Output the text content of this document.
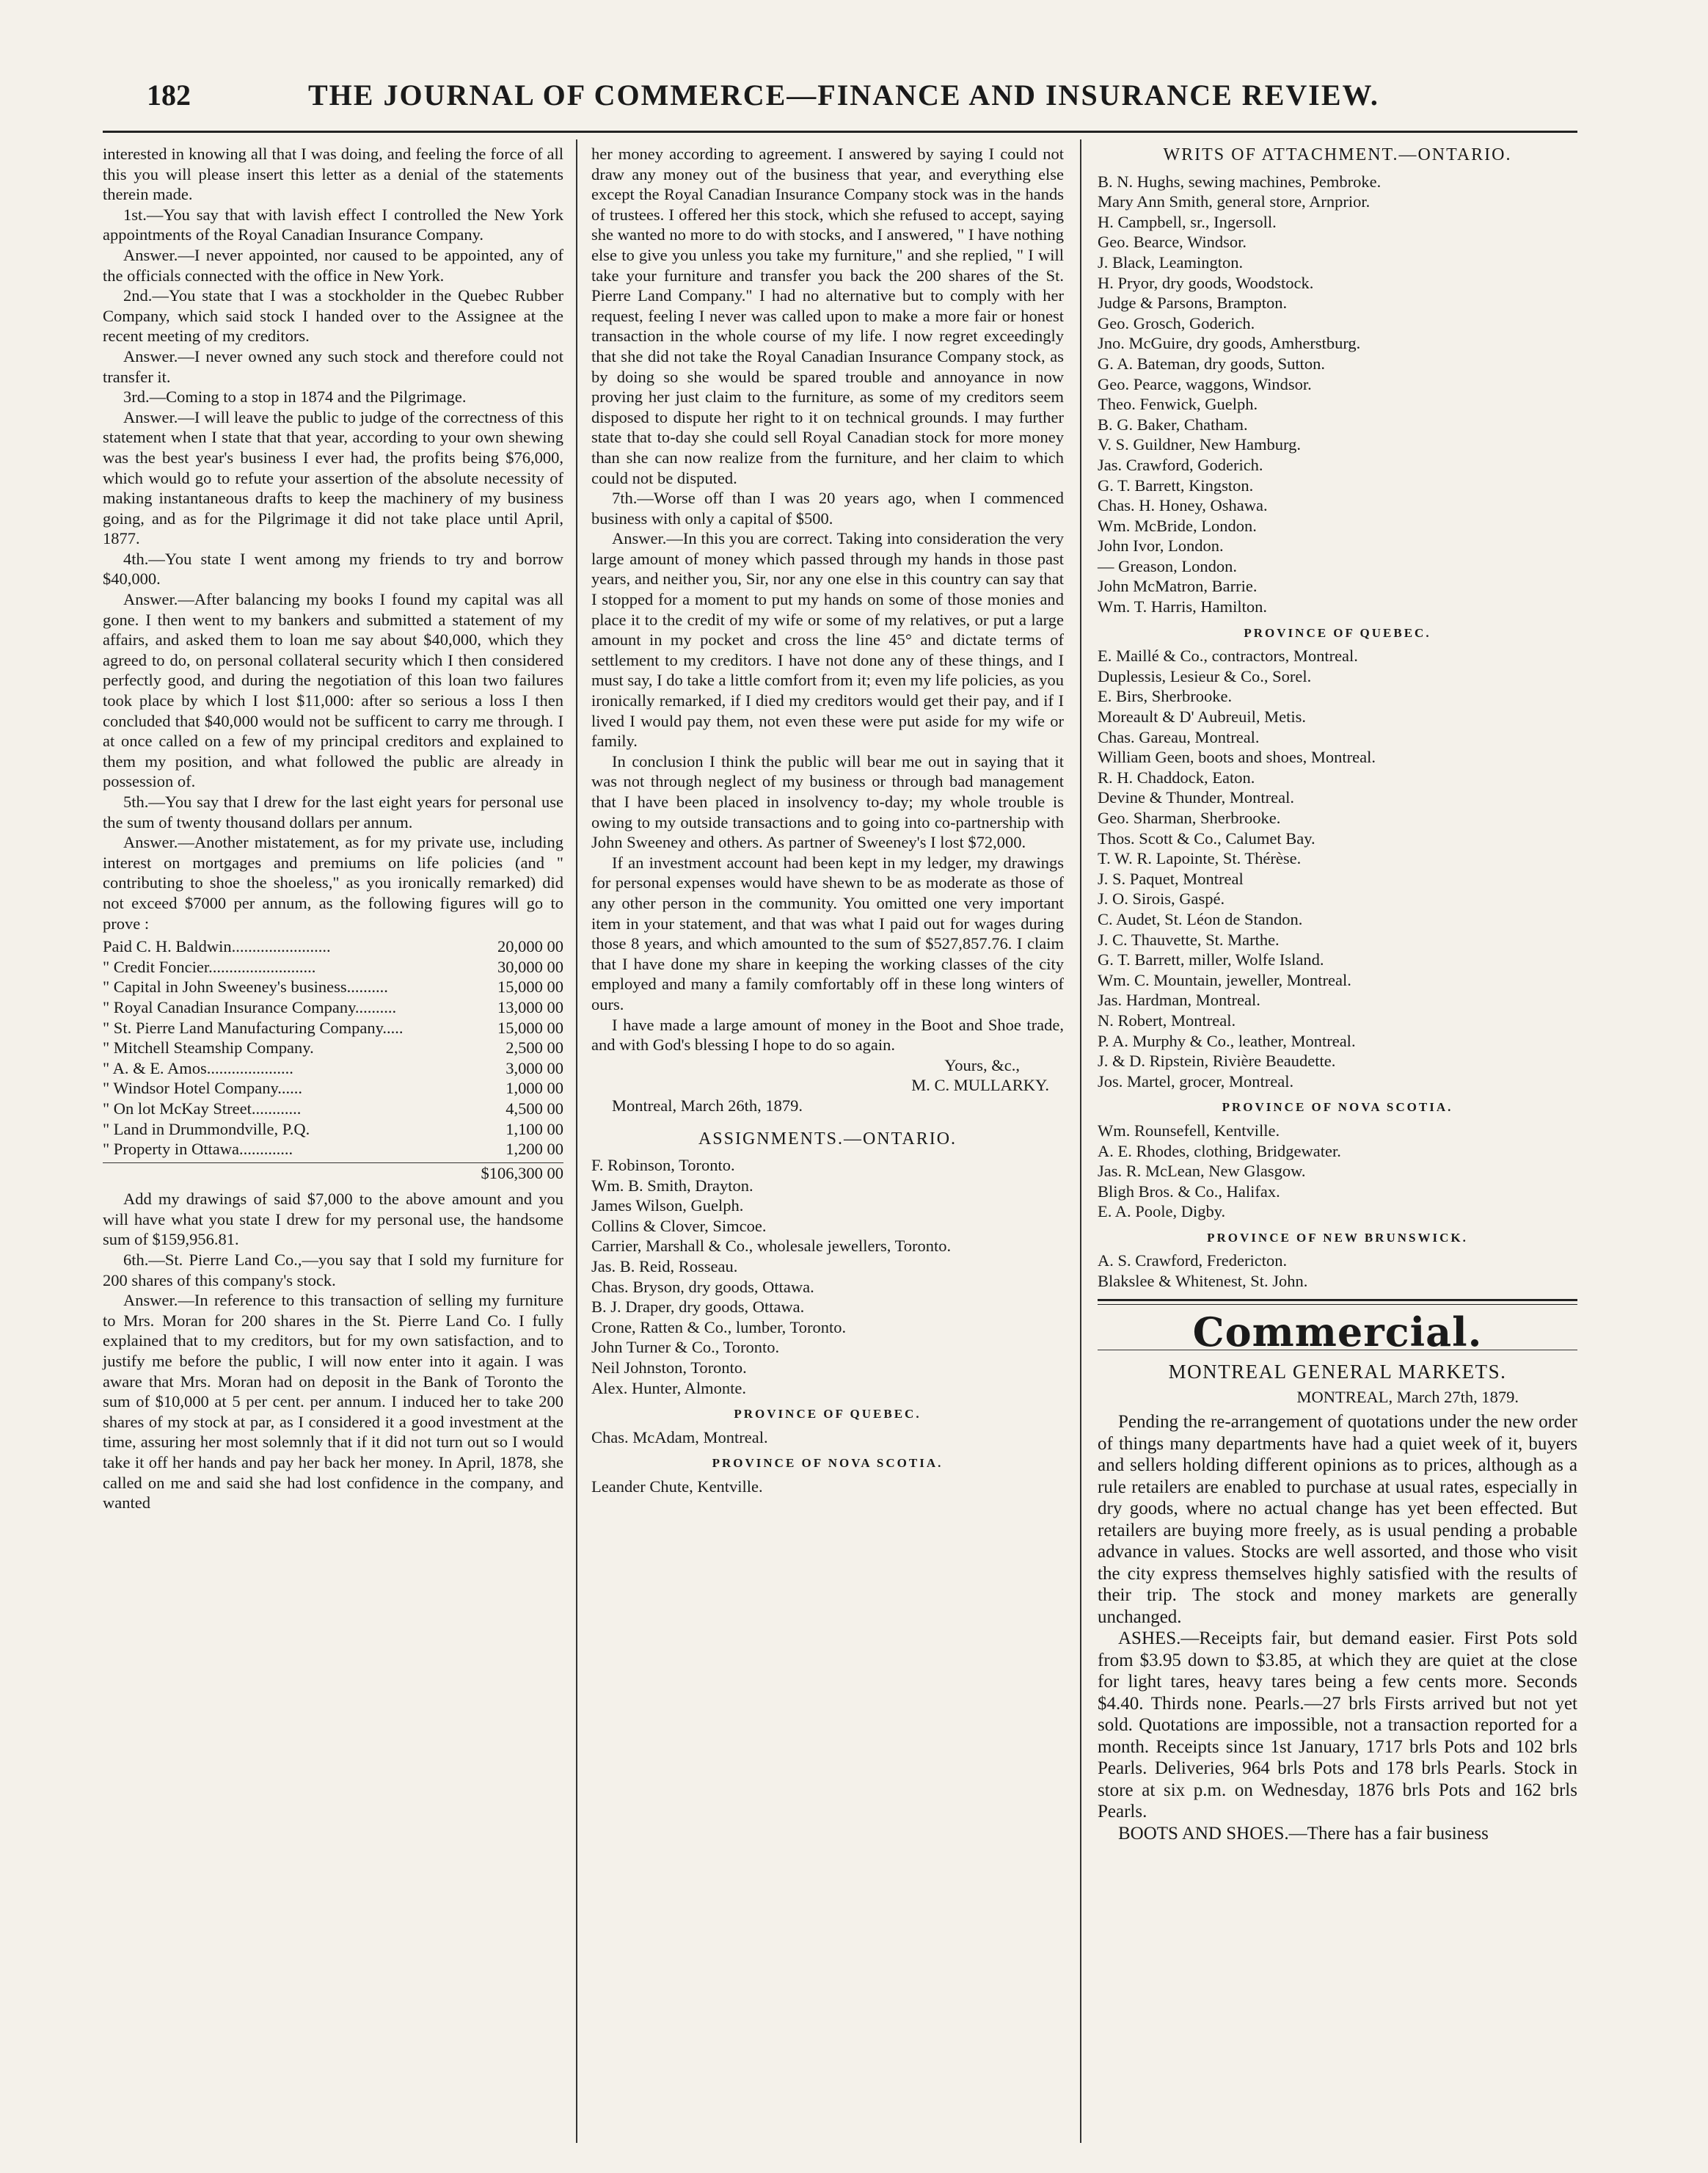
182	THE JOURNAL OF COMMERCE—FINANCE AND INSURANCE REVIEW.

interested in knowing all that I was doing, and feeling the force of all this you will please insert this letter as a denial of the statements therein made.

1st.—You say that with lavish effect I controlled the New York appointments of the Royal Canadian Insurance Company.

Answer.—I never appointed, nor caused to be appointed, any of the officials connected with the office in New York.

2nd.—You state that I was a stockholder in the Quebec Rubber Company, which said stock I handed over to the Assignee at the recent meeting of my creditors.

Answer.—I never owned any such stock and therefore could not transfer it.

3rd.—Coming to a stop in 1874 and the Pilgrimage.

Answer.—I will leave the public to judge of the correctness of this statement when I state that that year, according to your own shewing was the best year's business I ever had, the profits being $76,000, which would go to refute your assertion of the absolute necessity of making instantaneous drafts to keep the machinery of my business going, and as for the Pilgrimage it did not take place until April, 1877.

4th.—You state I went among my friends to try and borrow $40,000.

Answer.—After balancing my books I found my capital was all gone. I then went to my bankers and submitted a statement of my affairs, and asked them to loan me say about $40,000, which they agreed to do, on personal collateral security which I then considered perfectly good, and during the negotiation of this loan two failures took place by which I lost $11,000: after so serious a loss I then concluded that $40,000 would not be sufficent to carry me through. I at once called on a few of my principal creditors and explained to them my position, and what followed the public are already in possession of.

5th.—You say that I drew for the last eight years for personal use the sum of twenty thousand dollars per annum.

Answer.—Another mistatement, as for my private use, including interest on mortgages and premiums on life policies (and " contributing to shoe the shoeless," as you ironically remarked) did not exceed $7000 per annum, as the following figures will go to prove :

Paid C. H. Baldwin........................	20,000 00
" Credit Foncier..........................	30,000 00
" Capital in John Sweeney's business..........	15,000 00
" Royal Canadian Insurance Company..........	13,000 00
" St. Pierre Land Manufacturing Company.....	15,000 00
" Mitchell Steamship Company.	2,500 00
" A. & E. Amos.....................	3,000 00
" Windsor Hotel Company......	1,000 00
" On lot McKay Street............	4,500 00
" Land in Drummondville, P.Q.	1,100 00
" Property in Ottawa.............	1,200 00
$106,300 00

Add my drawings of said $7,000 to the above amount and you will have what you state I drew for my personal use, the handsome sum of $159,956.81.

6th.—St. Pierre Land Co.,—you say that I sold my furniture for 200 shares of this company's stock.

Answer.—In reference to this transaction of selling my furniture to Mrs. Moran for 200 shares in the St. Pierre Land Co. I fully explained that to my creditors, but for my own satisfaction, and to justify me before the public, I will now enter into it again. I was aware that Mrs. Moran had on deposit in the Bank of Toronto the sum of $10,000 at 5 per cent. per annum. I induced her to take 200 shares of my stock at par, as I considered it a good investment at the time, assuring her most solemnly that if it did not turn out so I would take it off her hands and pay her back her money. In April, 1878, she called on me and said she had lost confidence in the company, and wanted

her money according to agreement. I answered by saying I could not draw any money out of the business that year, and everything else except the Royal Canadian Insurance Company stock was in the hands of trustees. I offered her this stock, which she refused to accept, saying she wanted no more to do with stocks, and I answered, " I have nothing else to give you unless you take my furniture," and she replied, " I will take your furniture and transfer you back the 200 shares of the St. Pierre Land Company." I had no alternative but to comply with her request, feeling I never was called upon to make a more fair or honest transaction in the whole course of my life. I now regret exceedingly that she did not take the Royal Canadian Insurance Company stock, as by doing so she would be spared trouble and annoyance in now proving her just claim to the furniture, as some of my creditors seem disposed to dispute her right to it on technical grounds. I may further state that to-day she could sell Royal Canadian stock for more money than she can now realize from the furniture, and her claim to which could not be disputed.

7th.—Worse off than I was 20 years ago, when I commenced business with only a capital of $500.

Answer.—In this you are correct. Taking into consideration the very large amount of money which passed through my hands in those past years, and neither you, Sir, nor any one else in this country can say that I stopped for a moment to put my hands on some of those monies and place it to the credit of my wife or some of my relatives, or put a large amount in my pocket and cross the line 45° and dictate terms of settlement to my creditors. I have not done any of these things, and I must say, I do take a little comfort from it; even my life policies, as you ironically remarked, if I died my creditors would get their pay, and if I lived I would pay them, not even these were put aside for my wife or family.

In conclusion I think the public will bear me out in saying that it was not through neglect of my business or through bad management that I have been placed in insolvency to-day; my whole trouble is owing to my outside transactions and to going into co-partnership with John Sweeney and others. As partner of Sweeney's I lost $72,000.

If an investment account had been kept in my ledger, my drawings for personal expenses would have shewn to be as moderate as those of any other person in the community. You omitted one very important item in your statement, and that was what I paid out for wages during those 8 years, and which amounted to the sum of $527,857.76. I claim that I have done my share in keeping the working classes of the city employed and many a family comfortably off in these long winters of ours.

I have made a large amount of money in the Boot and Shoe trade, and with God's blessing I hope to do so again.

Yours, &c.,
M. C. MULLARKY.

Montreal, March 26th, 1879.

ASSIGNMENTS.—ONTARIO.

F. Robinson, Toronto.

Wm. B. Smith, Drayton.

James Wilson, Guelph.

Collins & Clover, Simcoe.

Carrier, Marshall & Co., wholesale jewellers, Toronto.

Jas. B. Reid, Rosseau.

Chas. Bryson, dry goods, Ottawa.

B. J. Draper, dry goods, Ottawa.

Crone, Ratten & Co., lumber, Toronto.

John Turner & Co., Toronto.

Neil Johnston, Toronto.

Alex. Hunter, Almonte.

PROVINCE OF QUEBEC.

Chas. McAdam, Montreal.

PROVINCE OF NOVA SCOTIA.

Leander Chute, Kentville.

WRITS OF ATTACHMENT.—ONTARIO.

B. N. Hughs, sewing machines, Pembroke.

Mary Ann Smith, general store, Arnprior.

H. Campbell, sr., Ingersoll.

Geo. Bearce, Windsor.

J. Black, Leamington.

H. Pryor, dry goods, Woodstock.

Judge & Parsons, Brampton.

Geo. Grosch, Goderich.

Jno. McGuire, dry goods, Amherstburg.

G. A. Bateman, dry goods, Sutton.

Geo. Pearce, waggons, Windsor.

Theo. Fenwick, Guelph.

B. G. Baker, Chatham.

V. S. Guildner, New Hamburg.

Jas. Crawford, Goderich.

G. T. Barrett, Kingston.

Chas. H. Honey, Oshawa.

Wm. McBride, London.

John Ivor, London.

— Greason, London.

John McMatron, Barrie.

Wm. T. Harris, Hamilton.

PROVINCE OF QUEBEC.

E. Maillé & Co., contractors, Montreal.

Duplessis, Lesieur & Co., Sorel.

E. Birs, Sherbrooke.

Moreault & D' Aubreuil, Metis.

Chas. Gareau, Montreal.

William Geen, boots and shoes, Montreal.

R. H. Chaddock, Eaton.

Devine & Thunder, Montreal.

Geo. Sharman, Sherbrooke.

Thos. Scott & Co., Calumet Bay.

T. W. R. Lapointe, St. Thérèse.

J. S. Paquet, Montreal

J. O. Sirois, Gaspé.

C. Audet, St. Léon de Standon.

J. C. Thauvette, St. Marthe.

G. T. Barrett, miller, Wolfe Island.

Wm. C. Mountain, jeweller, Montreal.

Jas. Hardman, Montreal.

N. Robert, Montreal.

P. A. Murphy & Co., leather, Montreal.

J. & D. Ripstein, Rivière Beaudette.

Jos. Martel, grocer, Montreal.

PROVINCE OF NOVA SCOTIA.

Wm. Rounsefell, Kentville.

A. E. Rhodes, clothing, Bridgewater.

Jas. R. McLean, New Glasgow.

Bligh Bros. & Co., Halifax.

E. A. Poole, Digby.

PROVINCE OF NEW BRUNSWICK.

A. S. Crawford, Fredericton.

Blakslee & Whitenest, St. John.

Commercial.
MONTREAL GENERAL MARKETS.
MONTREAL, March 27th, 1879.

Pending the re-arrangement of quotations under the new order of things many departments have had a quiet week of it, buyers and sellers holding different opinions as to prices, although as a rule retailers are enabled to purchase at usual rates, especially in dry goods, where no actual change has yet been effected. But retailers are buying more freely, as is usual pending a probable advance in values. Stocks are well assorted, and those who visit the city express themselves highly satisfied with the results of their trip. The stock and money markets are generally unchanged.

ASHES.—Receipts fair, but demand easier. First Pots sold from $3.95 down to $3.85, at which they are quiet at the close for light tares, heavy tares being a few cents more. Seconds $4.40. Thirds none. Pearls.—27 brls Firsts arrived but not yet sold. Quotations are impossible, not a transaction reported for a month. Receipts since 1st January, 1717 brls Pots and 102 brls Pearls. Deliveries, 964 brls Pots and 178 brls Pearls. Stock in store at six p.m. on Wednesday, 1876 brls Pots and 162 brls Pearls.

BOOTS AND SHOES.—There has a fair business
